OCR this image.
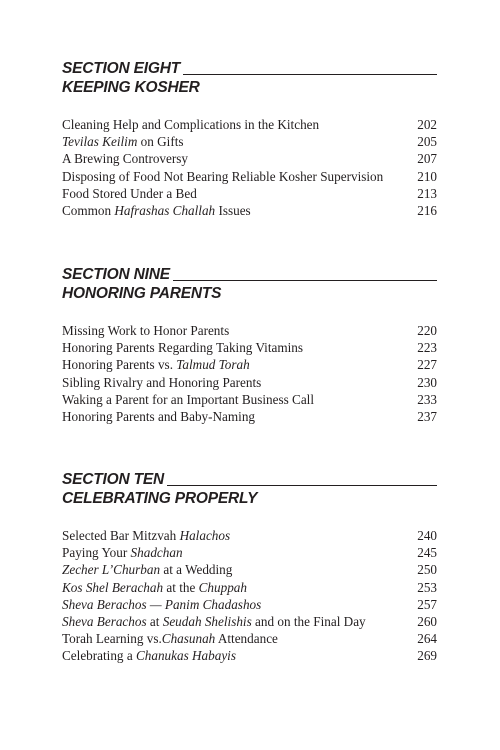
SECTION EIGHT
KEEPING KOSHER
Cleaning Help and Complications in the Kitchen	202
Tevilas Keilim on Gifts	205
A Brewing Controversy	207
Disposing of Food Not Bearing Reliable Kosher Supervision	210
Food Stored Under a Bed	213
Common Hafrashas Challah Issues	216
SECTION NINE
HONORING PARENTS
Missing Work to Honor Parents	220
Honoring Parents Regarding Taking Vitamins	223
Honoring Parents vs. Talmud Torah	227
Sibling Rivalry and Honoring Parents	230
Waking a Parent for an Important Business Call	233
Honoring Parents and Baby-Naming	237
SECTION TEN
CELEBRATING PROPERLY
Selected Bar Mitzvah Halachos	240
Paying Your Shadchan	245
Zecher L’Churban at a Wedding	250
Kos Shel Berachah at the Chuppah	253
Sheva Berachos — Panim Chadashos	257
Sheva Berachos at Seudah Shelishis and on the Final Day	260
Torah Learning vs.Chasunah Attendance	264
Celebrating a Chanukas Habayis	269
